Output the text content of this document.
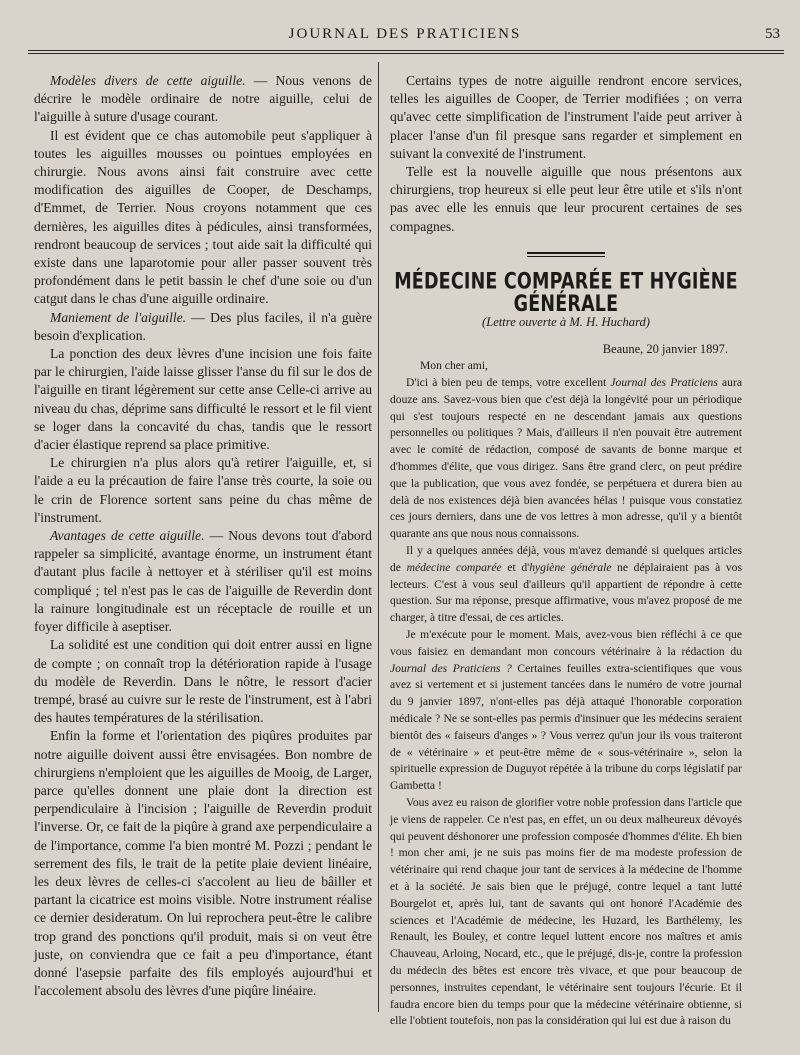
JOURNAL DES PRATICIENS	53

Modèles divers de cette aiguille. — Nous venons de décrire le modèle ordinaire de notre aiguille, celui de l'aiguille à suture d'usage courant.

Il est évident que ce chas automobile peut s'appliquer à toutes les aiguilles mousses ou pointues employées en chirurgie. Nous avons ainsi fait construire avec cette modification des aiguilles de Cooper, de Deschamps, d'Emmet, de Terrier. Nous croyons notamment que ces dernières, les aiguilles dites à pédicules, ainsi transformées, rendront beaucoup de services ; tout aide sait la difficulté qui existe dans une laparotomie pour aller passer souvent très profondément dans le petit bassin le chef d'une soie ou d'un catgut dans le chas d'une aiguille ordinaire.

Maniement de l'aiguille. — Des plus faciles, il n'a guère besoin d'explication.

La ponction des deux lèvres d'une incision une fois faite par le chirurgien, l'aide laisse glisser l'anse du fil sur le dos de l'aiguille en tirant légèrement sur cette anse Celle-ci arrive au niveau du chas, déprime sans difficulté le ressort et le fil vient se loger dans la concavité du chas, tandis que le ressort d'acier élastique reprend sa place primitive.

Le chirurgien n'a plus alors qu'à retirer l'aiguille, et, si l'aide a eu la précaution de faire l'anse très courte, la soie ou le crin de Florence sortent sans peine du chas même de l'instrument.

Avantages de cette aiguille. — Nous devons tout d'abord rappeler sa simplicité, avantage énorme, un instrument étant d'autant plus facile à nettoyer et à stériliser qu'il est moins compliqué ; tel n'est pas le cas de l'aiguille de Reverdin dont la rainure longitudinale est un réceptacle de rouille et un foyer difficile à aseptiser.

La solidité est une condition qui doit entrer aussi en ligne de compte ; on connaît trop la détérioration rapide à l'usage du modèle de Reverdin. Dans le nôtre, le ressort d'acier trempé, brasé au cuivre sur le reste de l'instrument, est à l'abri des hautes températures de la stérilisation.

Enfin la forme et l'orientation des piqûres produites par notre aiguille doivent aussi être envisagées. Bon nombre de chirurgiens n'emploient que les aiguilles de Mooig, de Larger, parce qu'elles donnent une plaie dont la direction est perpendiculaire à l'incision ; l'aiguille de Reverdin produit l'inverse. Or, ce fait de la piqûre à grand axe perpendiculaire a de l'importance, comme l'a bien montré M. Pozzi ; pendant le serrement des fils, le trait de la petite plaie devient linéaire, les deux lèvres de celles-ci s'accolent au lieu de bâiller et partant la cicatrice est moins visible. Notre instrument réalise ce dernier desideratum. On lui reprochera peut-être le calibre trop grand des ponctions qu'il produit, mais si on veut être juste, on conviendra que ce fait a peu d'importance, étant donné l'asepsie parfaite des fils employés aujourd'hui et l'accolement absolu des lèvres d'une piqûre linéaire.

Certains types de notre aiguille rendront encore services, telles les aiguilles de Cooper, de Terrier modifiées ; on verra qu'avec cette simplification de l'instrument l'aide peut arriver à placer l'anse d'un fil presque sans regarder et simplement en suivant la convexité de l'instrument.

Telle est la nouvelle aiguille que nous présentons aux chirurgiens, trop heureux si elle peut leur être utile et s'ils n'ont pas avec elle les ennuis que leur procurent certaines de ses compagnes.

MÉDECINE COMPARÉE ET HYGIÈNE GÉNÉRALE
(Lettre ouverte à M. H. Huchard)
Beaune, 20 janvier 1897.

Mon cher ami,

D'ici à bien peu de temps, votre excellent Journal des Praticiens aura douze ans. Savez-vous bien que c'est déjà la longévité pour un périodique qui s'est toujours respecté en ne descendant jamais aux questions personnelles ou politiques ? Mais, d'ailleurs il n'en pouvait être autrement avec le comité de rédaction, composé de savants de bonne marque et d'hommes d'élite, que vous dirigez. Sans être grand clerc, on peut prédire que la publication, que vous avez fondée, se perpétuera et durera bien au delà de nos existences déjà bien avancées hélas ! puisque vous constatiez ces jours derniers, dans une de vos lettres à mon adresse, qu'il y a bientôt quarante ans que nous nous connaissons.

Il y a quelques années déjà, vous m'avez demandé si quelques articles de médecine comparée et d'hygiène générale ne déplairaient pas à vos lecteurs. C'est à vous seul d'ailleurs qu'il appartient de répondre à cette question. Sur ma réponse, presque affirmative, vous m'avez proposé de me charger, à titre d'essai, de ces articles.

Je m'exécute pour le moment. Mais, avez-vous bien réfléchi à ce que vous faisiez en demandant mon concours vétérinaire à la rédaction du Journal des Praticiens ? Certaines feuilles extra-scientifiques que vous avez si vertement et si justement tancées dans le numéro de votre journal du 9 janvier 1897, n'ont-elles pas déjà attaqué l'honorable corporation médicale ? Ne se sont-elles pas permis d'insinuer que les médecins seraient bientôt des « faiseurs d'anges » ? Vous verrez qu'un jour ils vous traiteront de « vétérinaire » et peut-être même de « sous-vétérinaire », selon la spirituelle expression de Duguyot répétée à la tribune du corps législatif par Gambetta !

Vous avez eu raison de glorifier votre noble profession dans l'article que je viens de rappeler. Ce n'est pas, en effet, un ou deux malheureux dévoyés qui peuvent déshonorer une profession composée d'hommes d'élite. Eh bien ! mon cher ami, je ne suis pas moins fier de ma modeste profession de vétérinaire qui rend chaque jour tant de services à la médecine de l'homme et à la société. Je sais bien que le préjugé, contre lequel a tant lutté Bourgelot et, après lui, tant de savants qui ont honoré l'Académie des sciences et l'Académie de médecine, les Huzard, les Barthélemy, les Renault, les Bouley, et contre lequel luttent encore nos maîtres et amis Chauveau, Arloing, Nocard, etc., que le préjugé, dis-je, contre la profession du médecin des bêtes est encore très vivace, et que pour beaucoup de personnes, instruites cependant, le vétérinaire sent toujours l'écurie. Et il faudra encore bien du temps pour que la médecine vétérinaire obtienne, si elle l'obtient toutefois, non pas la considération qui lui est due à raison du
